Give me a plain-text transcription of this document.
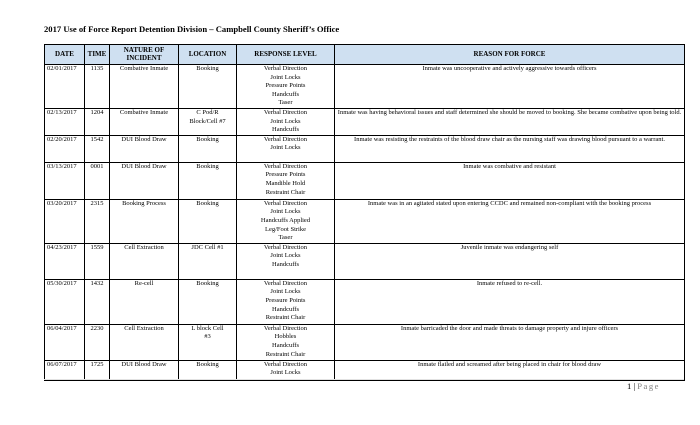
2017 Use of Force Report Detention Division – Campbell County Sheriff’s Office
DATE	TIME	NATURE OF INCIDENT	LOCATION	RESPONSE LEVEL	REASON FOR FORCE
02/01/2017	1135	Combative Inmate	Booking	Verbal Direction
Joint Locks
Pressure Points
Handcuffs
Taser	Inmate was uncooperative and actively aggressive towards officers
02/13/2017	1204	Combative Inmate	C Pod/R
Block/Cell #7	Verbal Direction
Joint Locks
Handcuffs	Inmate was having behavioral issues and staff determined she should be moved to booking. She became combative upon being told.
02/20/2017	1542	DUI Blood Draw	Booking	Verbal Direction
Joint Locks	Inmate was resisting the restraints of the blood draw chair as the nursing staff was drawing blood pursuant to a warrant.
03/13/2017	0001	DUI Blood Draw	Booking	Verbal Direction
Pressure Points
Mandible Hold
Restraint Chair	Inmate was combative and resistant
03/20/2017	2315	Booking Process	Booking	Verbal Direction
Joint Locks
Handcuffs Applied
Leg/Foot Strike
Taser	Inmate was in an agitated stated upon entering CCDC and remained non-compliant with the booking process
04/23/2017	1559	Cell Extraction	JDC Cell #1	Verbal Direction
Joint Locks
Handcuffs	Juvenile inmate was endangering self
05/30/2017	1432	Re-cell	Booking	Verbal Direction
Joint Locks
Pressure Points
Handcuffs
Restraint Chair	Inmate refused to re-cell.
06/04/2017	2230	Cell Extraction	L block Cell
#3	Verbal Direction
Hobbles
Handcuffs
Restraint Chair	Inmate barricaded the door and made threats to damage property and injure officers
06/07/2017	1725	DUI Blood Draw	Booking	Verbal Direction
Joint Locks	Inmate flailed and screamed after being placed in chair for blood draw
1 | Page
